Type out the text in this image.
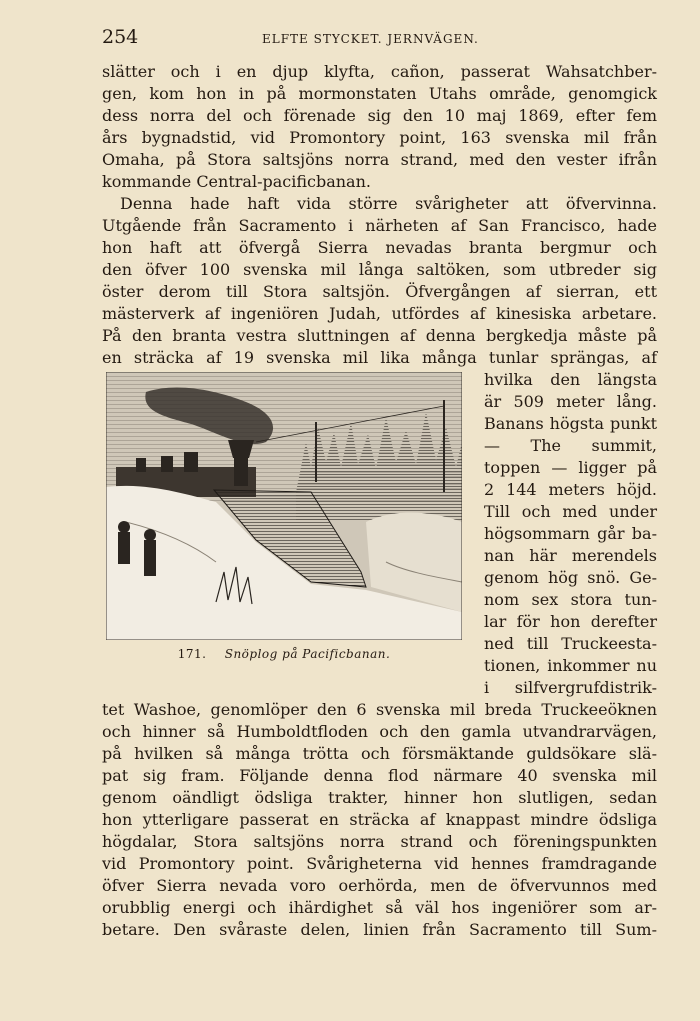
254	ELFTE STYCKET. JERNVÄGEN.
slätter och i en djup klyfta, cañon, passerat Wahsatchber-
gen, kom hon in på mormonstaten Utahs område, genomgick
dess norra del och förenade sig den 10 maj 1869, efter fem
års bygnadstid, vid Promontory point, 163 svenska mil från
Omaha, på Stora saltsjöns norra strand, med den vester ifrån
kommande Central-pacificbanan.
Denna hade haft vida större svårigheter att öfvervinna.
Utgående från Sacramento i närheten af San Francisco, hade
hon haft att öfvergå Sierra nevadas branta bergmur och
den öfver 100 svenska mil långa saltöken, som utbreder sig
öster derom till Stora saltsjön. Öfvergången af sierran, ett
mästerverk af ingeniören Judah, utfördes af kinesiska arbetare.
På den branta vestra sluttningen af denna bergkedja måste på
en sträcka af 19 svenska mil lika många tunlar sprängas, af
hvilka den längsta
är 509 meter lång.
Banans högsta punkt
— The summit,
toppen — ligger på
2 144 meters höjd.
Till och med under
högsommarn går ba-
nan här merendels
genom hög snö. Ge-
nom sex stora tun-
lar för hon derefter
ned till Truckeesta-
tionen, inkommer nu
i silfvergrufdistrik-
tet Washoe, genomlöper den 6 svenska mil breda Truckeeöknen
och hinner så Humboldtfloden och den gamla utvandrarvägen,
på hvilken så många trötta och försmäktande guldsökare slä-
pat sig fram. Följande denna flod närmare 40 svenska mil
genom oändligt ödsliga trakter, hinner hon slutligen, sedan
hon ytterligare passerat en sträcka af knappast mindre ödsliga
högdalar, Stora saltsjöns norra strand och föreningspunkten
vid Promontory point. Svårigheterna vid hennes framdragande
öfver Sierra nevada voro oerhörda, men de öfvervunnos med
orubblig energi och ihärdighet så väl hos ingeniörer som ar-
betare. Den svåraste delen, linien från Sacramento till Sum-
171. Snöplog på Pacificbanan.
